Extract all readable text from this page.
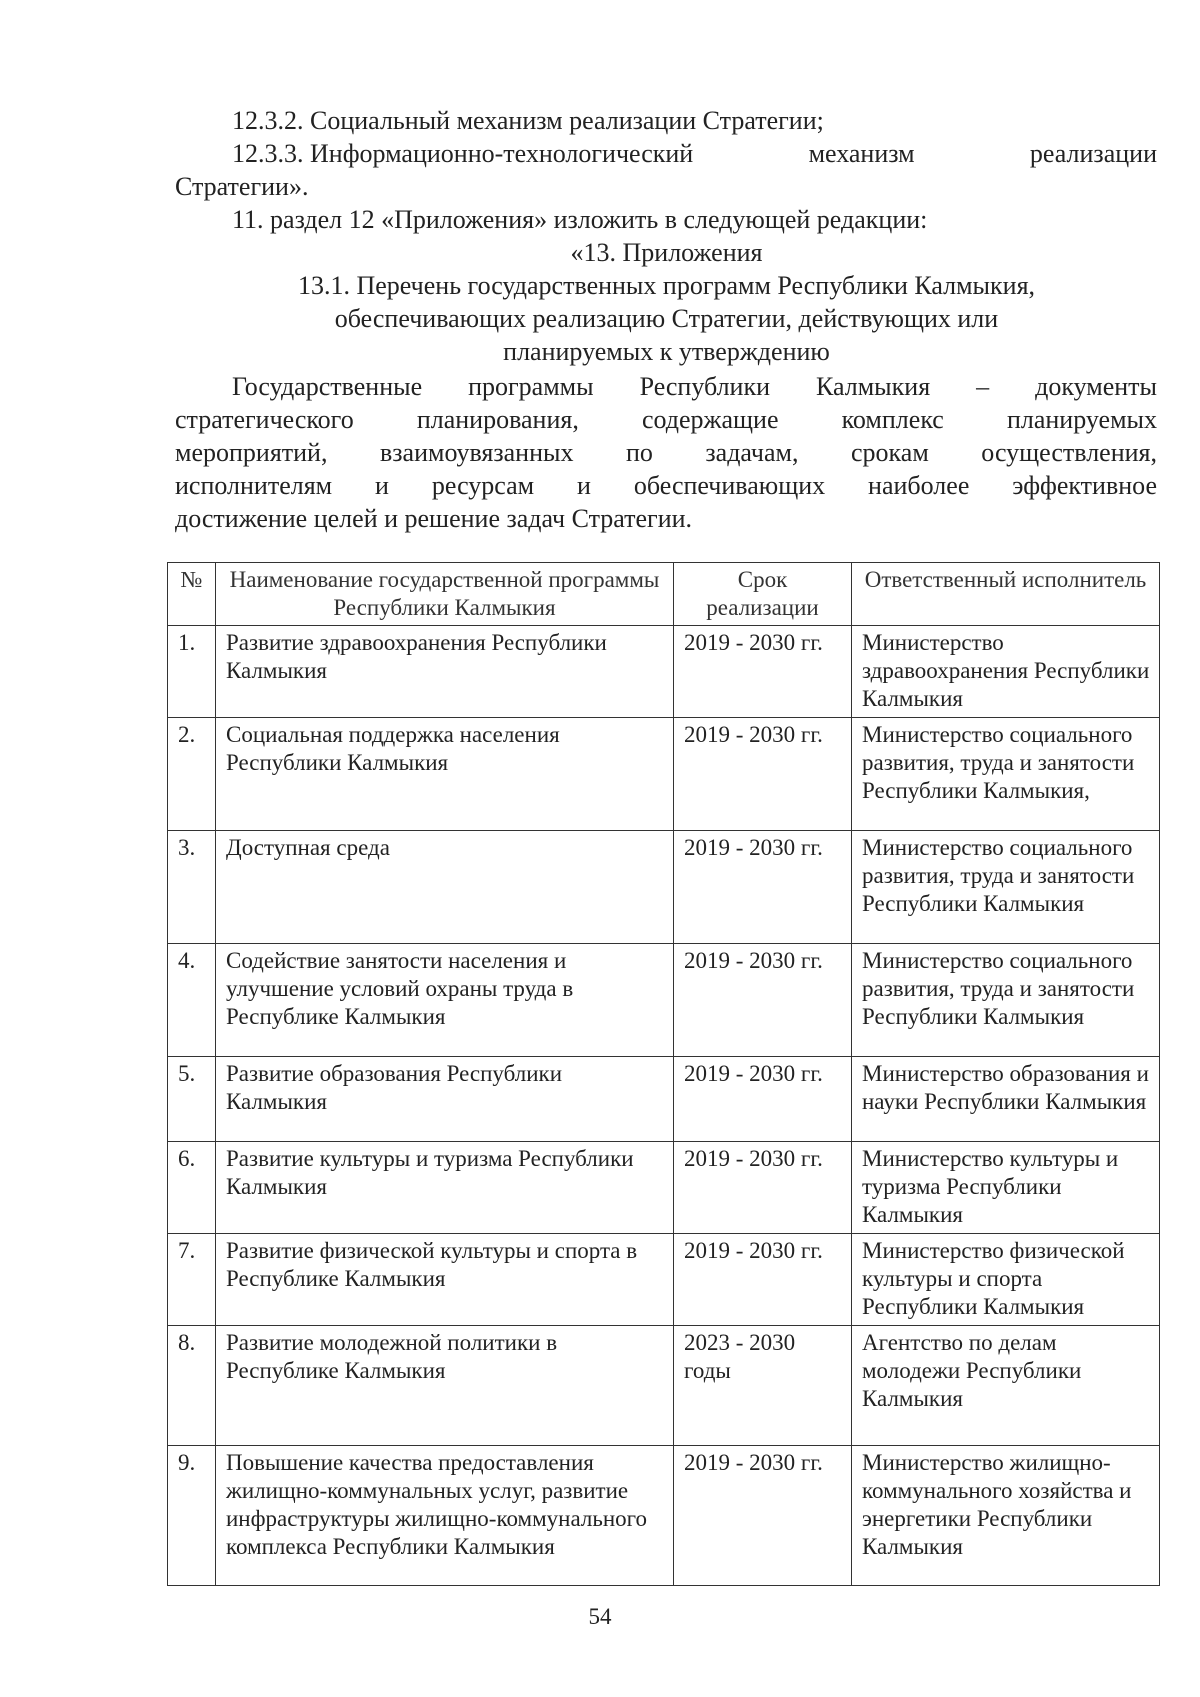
12.3.2. Социальный механизм реализации Стратегии;
12.3.3. Информационно-технологический	механизм	реализации
Стратегии».
11. раздел 12 «Приложения» изложить в следующей редакции:
«13. Приложения
13.1. Перечень государственных программ Республики Калмыкия,
обеспечивающих реализацию Стратегии, действующих или
планируемых к утверждению
Государственные программы Республики Калмыкия – документы
стратегического планирования, содержащие комплекс планируемых
мероприятий, взаимоувязанных по задачам, срокам осуществления,
исполнителям и ресурсам и обеспечивающих наиболее эффективное
достижение целей и решение задач Стратегии.
№	Наименование государственной программы Республики Калмыкия	Срок реализации	Ответственный исполнитель
1.	Развитие здравоохранения Республики Калмыкия	2019 - 2030 гг.	Министерство здравоохранения Республики Калмыкия
2.	Социальная поддержка населения Республики Калмыкия	2019 - 2030 гг.	Министерство социального развития, труда и занятости Республики Калмыкия,
3.	Доступная среда	2019 - 2030 гг.	Министерство социального развития, труда и занятости Республики Калмыкия
4.	Содействие занятости населения и улучшение условий охраны труда в Республике Калмыкия	2019 - 2030 гг.	Министерство социального развития, труда и занятости Республики Калмыкия
5.	Развитие образования Республики Калмыкия	2019 - 2030 гг.	Министерство образования и науки Республики Калмыкия
6.	Развитие культуры и туризма Республики Калмыкия	2019 - 2030 гг.	Министерство культуры и туризма Республики Калмыкия
7.	Развитие физической культуры и спорта в Республике Калмыкия	2019 - 2030 гг.	Министерство физической культуры и спорта Республики Калмыкия
8.	Развитие молодежной политики в Республике Калмыкия	2023 - 2030 годы	Агентство по делам молодежи Республики Калмыкия
9.	Повышение качества предоставления жилищно-коммунальных услуг, развитие инфраструктуры жилищно-коммунального комплекса Республики Калмыкия	2019 - 2030 гг.	Министерство жилищно-коммунального хозяйства и энергетики Республики Калмыкия
54
